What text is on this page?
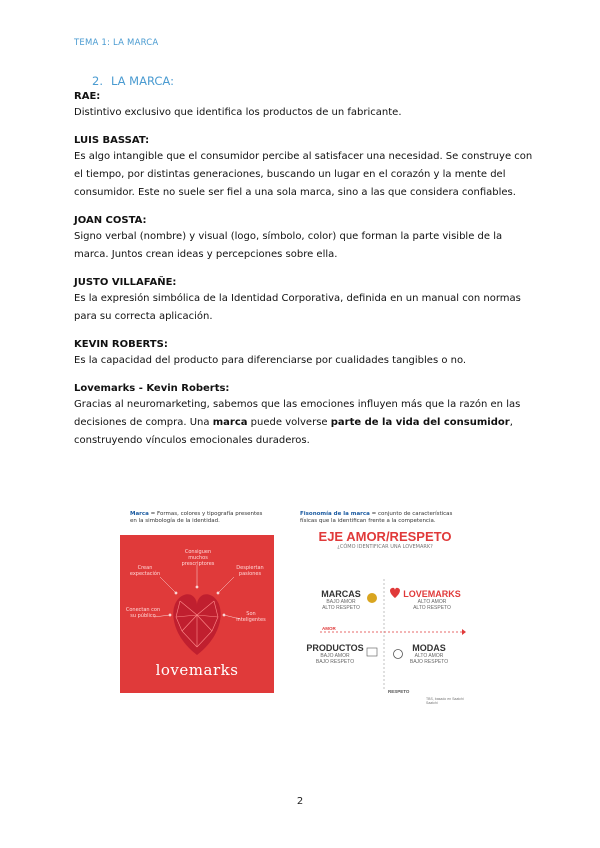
TEMA 1: LA MARCA
2. LA MARCA:
RAE:

Distintivo exclusivo que identifica los productos de un fabricante.

LUIS BASSAT:

Es algo intangible que el consumidor percibe al satisfacer una necesidad. Se construye con el tiempo, por distintas generaciones, buscando un lugar en el corazón y la mente del consumidor. Este no suele ser fiel a una sola marca, sino a las que considera confiables.

JOAN COSTA:

Signo verbal (nombre) y visual (logo, símbolo, color) que forman la parte visible de la marca. Juntos crean ideas y percepciones sobre ella.

JUSTO VILLAFAÑE:

Es la expresión simbólica de la Identidad Corporativa, definida en un manual con normas para su correcta aplicación.

KEVIN ROBERTS:

Es la capacidad del producto para diferenciarse por cualidades tangibles o no.

Lovemarks - Kevin Roberts:

Gracias al neuromarketing, sabemos que las emociones influyen más que la razón en las decisiones de compra. Una marca puede volverse parte de la vida del consumidor, construyendo vínculos emocionales duraderos.

Marca = Formas, colores y tipografía presentes en la simbología de la identidad.
Consiguen muchos prescriptores
Crean expectación
Despiertan pasiones
Conectan con su público	Son inteligentes
lovemarks
Fisonomía de la marca = conjunto de características físicas que la identifican frente a la competencia.
EJE AMOR/RESPETO
¿CÓMO IDENTIFICAR UNA LOVEMARK?
AMOR
RESPETO
MARCAS
BAJO AMOR
ALTO RESPETO
LOVEMARKS
ALTO AMOR
ALTO RESPETO
PRODUCTOS
BAJO AMOR
BAJO RESPETO
MODAS
ALTO AMOR
BAJO RESPETO
TBS, basado en Saatchi Saatchi
2
